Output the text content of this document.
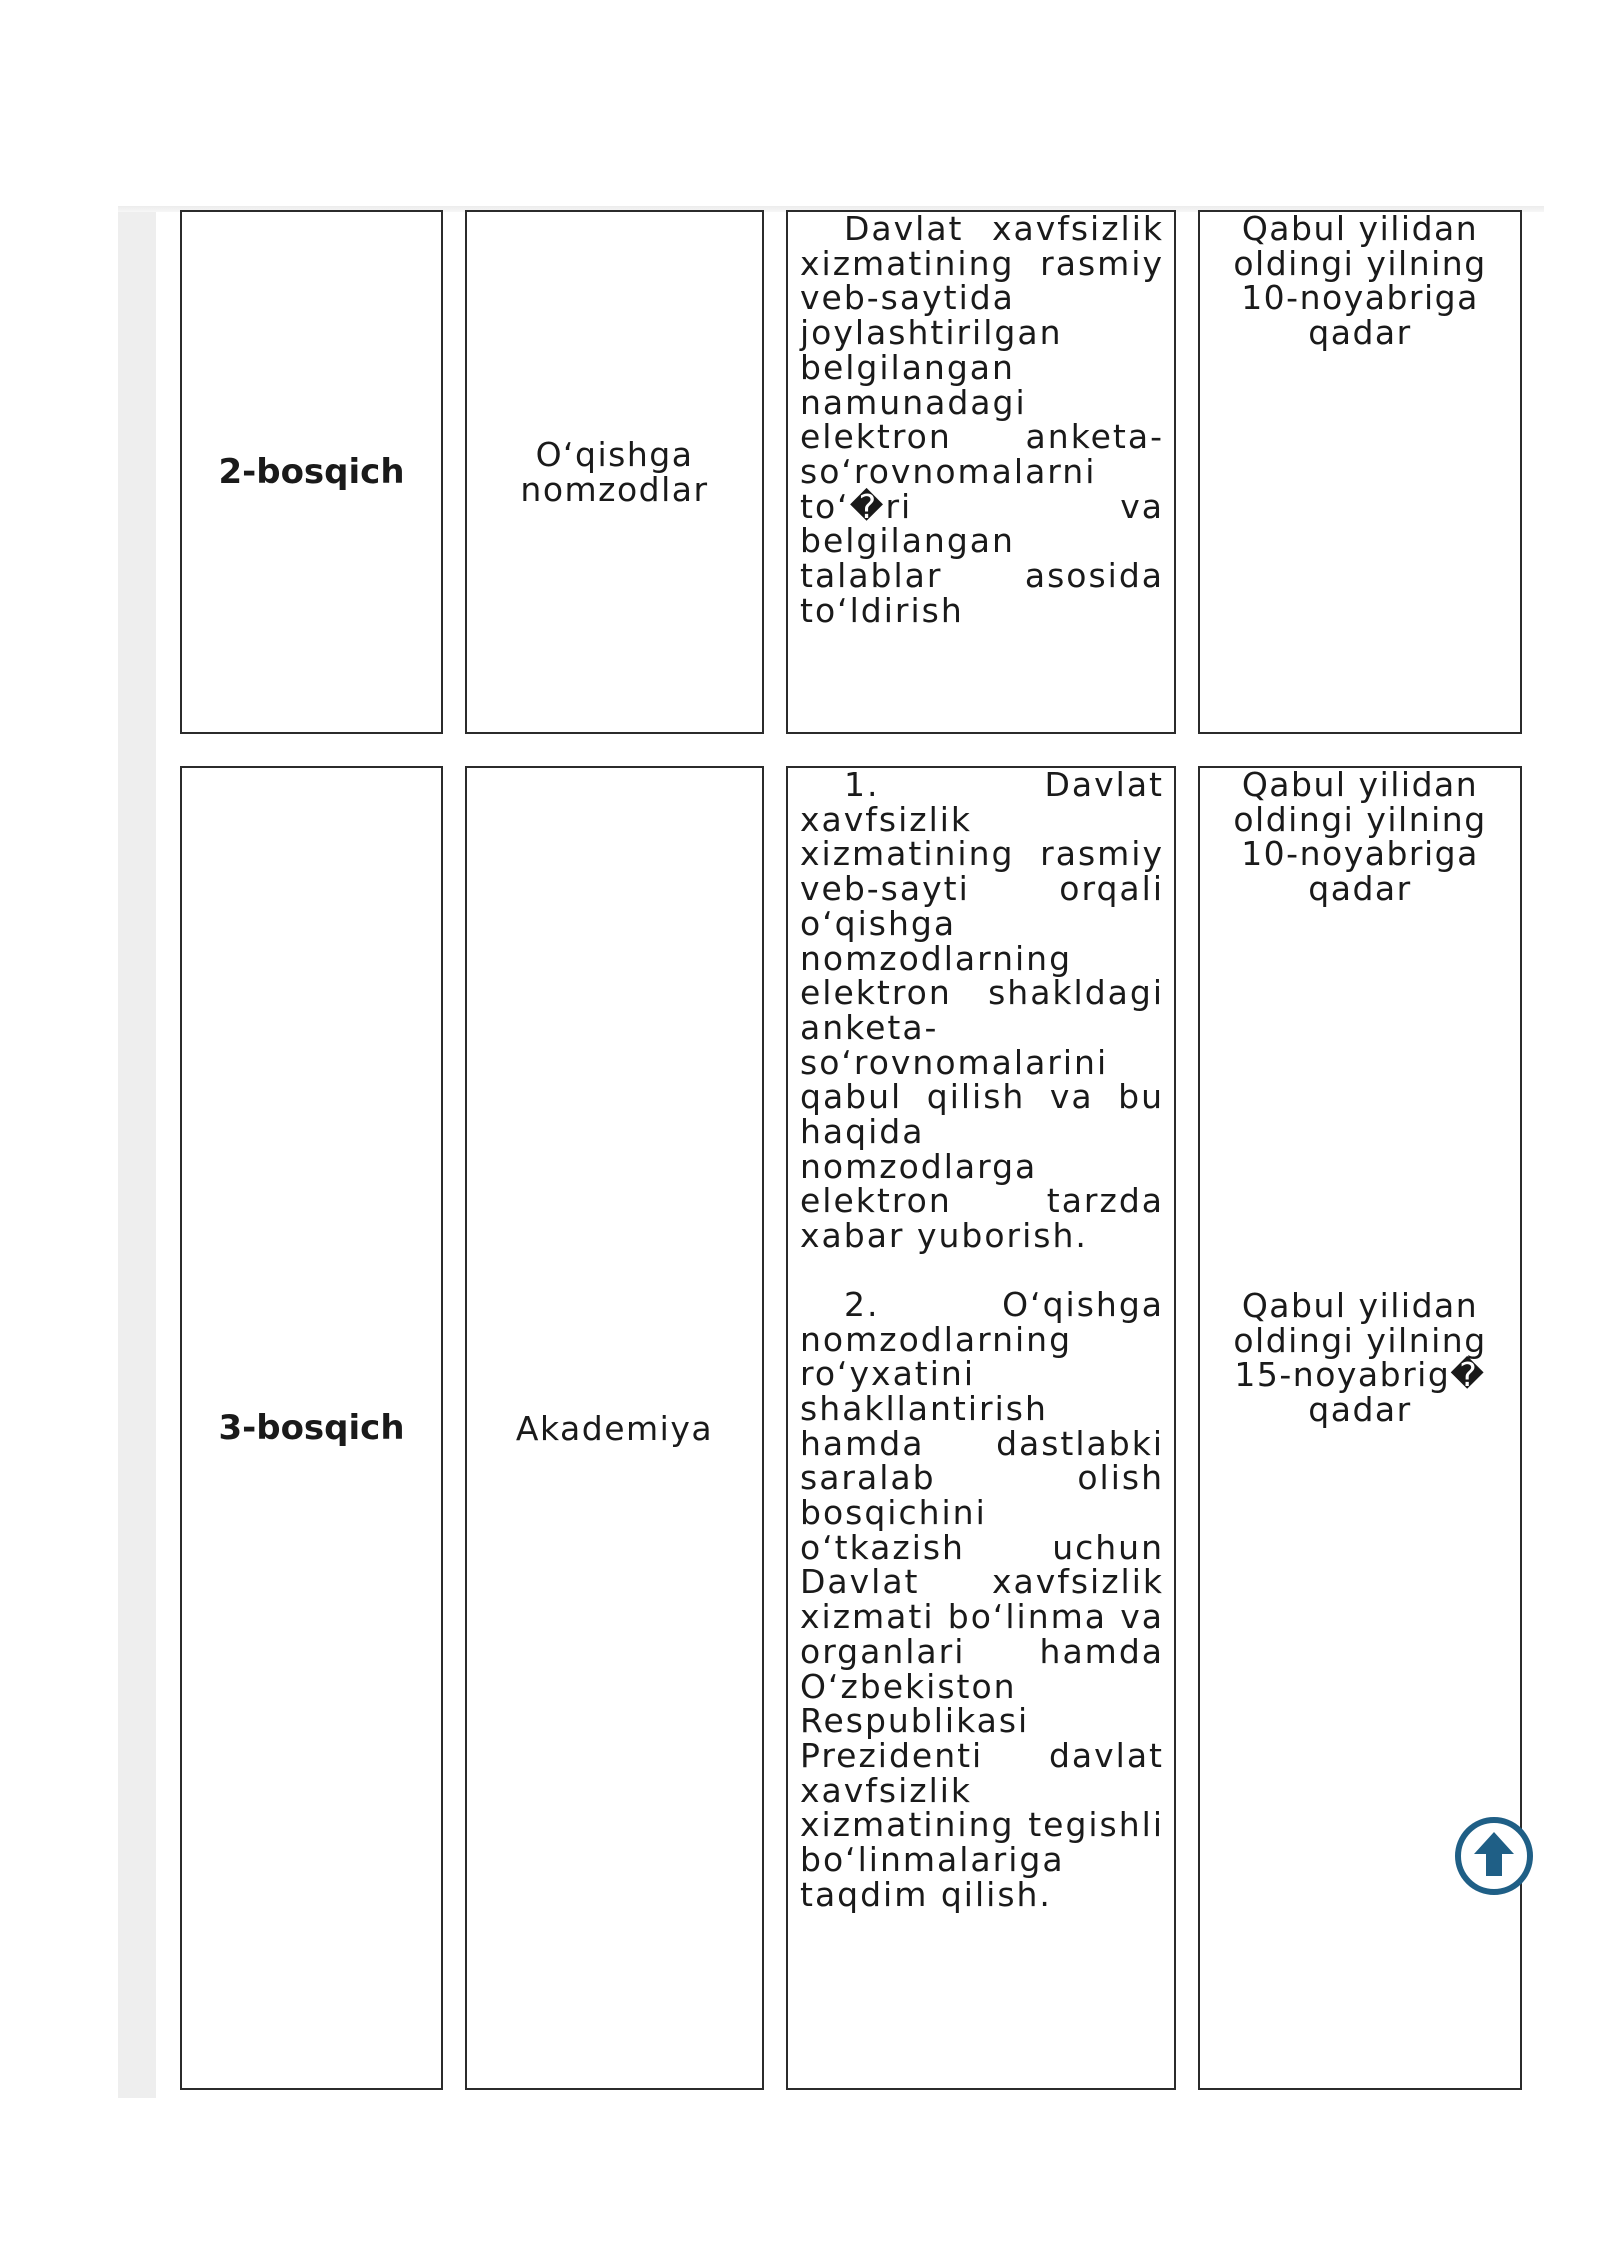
2-bosqich	O‘qishga nomzodlar

Davlat xavfsizlik xizmatining rasmiy veb-saytida joylashtirilgan belgilangan namunadagi elektron anketa-so‘rovnomalarni to‘�ri va belgilangan talablar asosida to‘ldirish

Qabul yilidan oldingi yilning 10-noyabriga qadar

3-bosqich	Akademiya

1. Davlat xavfsizlik xizmatining rasmiy veb-sayti orqali o‘qishga nomzodlarning elektron shakldagi anketa-so‘rovnomalarini qabul qilish va bu haqida nomzodlarga elektron tarzda xabar yuborish.

2. O‘qishga nomzodlarning ro‘yxatini shakllantirish hamda dastlabki saralab olish bosqichini o‘tkazish uchun Davlat xavfsizlik xizmati bo‘linma va organlari hamda O‘zbekiston Respublikasi Prezidenti davlat xavfsizlik xizmatining tegishli bo‘linmalariga taqdim qilish.

Qabul yilidan oldingi yilning 10-noyabriga qadar

Qabul yilidan oldingi yilning 15-noyabrig� qadar
